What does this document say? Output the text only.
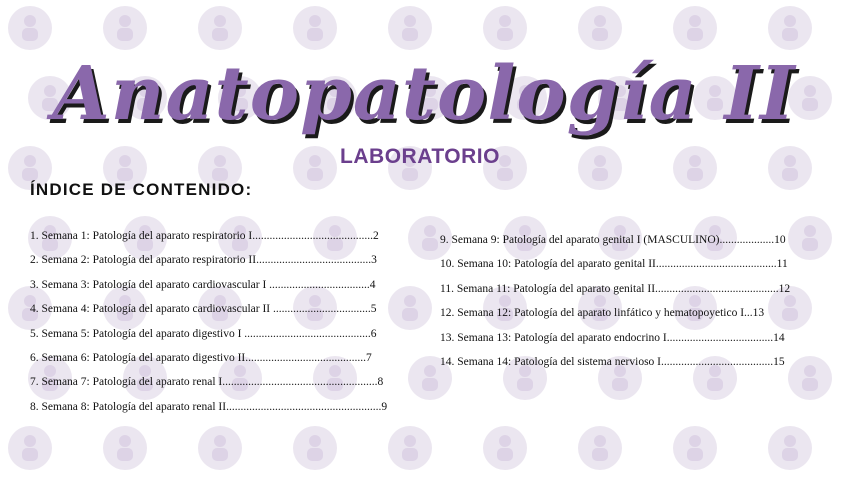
Anatopatología II
LABORATORIO
ÍNDICE DE CONTENIDO:
1. Semana 1: Patología del aparato respiratorio I..........................................2
2. Semana 2: Patología del aparato respiratorio II........................................3
3. Semana 3: Patología del aparato cardiovascular I ...................................4
4. Semana 4: Patología del aparato cardiovascular II ..................................5
5. Semana 5: Patología del aparato digestivo I ............................................6
6. Semana 6: Patología del aparato digestivo II..........................................7
7. Semana 7: Patología del aparato renal I......................................................8
8. Semana 8: Patología del aparato renal II......................................................9
9. Semana 9: Patología del aparato genital I (MASCULINO)...................10
10. Semana 10: Patología del aparato genital II..........................................11
11. Semana 11: Patología del aparato genital II...........................................12
12. Semana 12: Patología del aparato linfático y hematopoyetico I...13
13. Semana 13: Patología del aparato endocrino I.....................................14
14. Semana 14: Patología del sistema nervioso I.......................................15
